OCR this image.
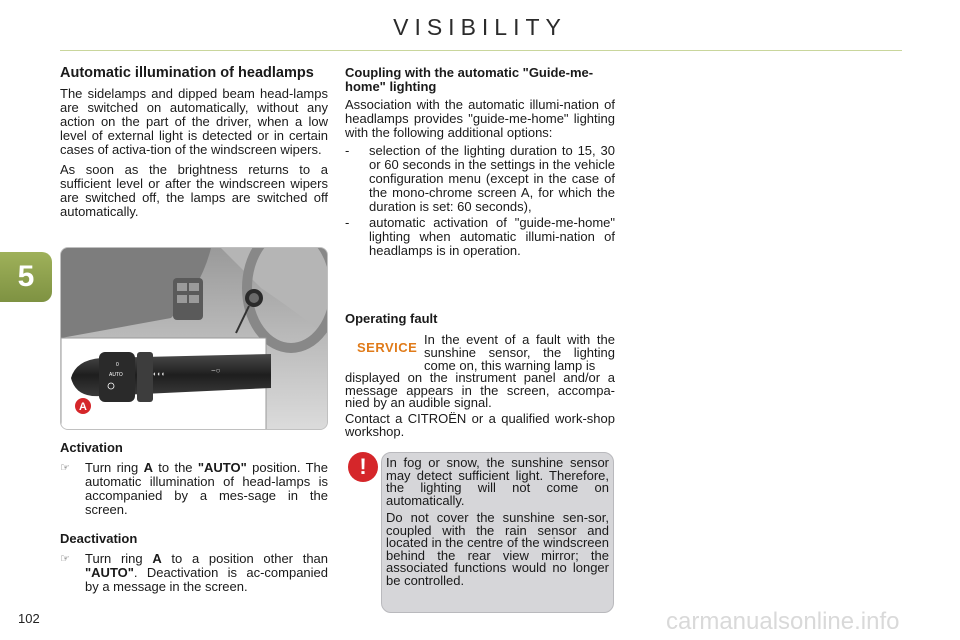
VISIBILITY
5
Automatic illumination of headlamps
The sidelamps and dipped beam head-lamps are switched on automatically, without any action on the part of the driver, when a low level of external light is detected or in certain cases of activa-tion of the windscreen wipers.
As soon as the brightness returns to a sufficient level or after the windscreen wipers are switched off, the lamps are switched off automatically.
0
AUTO	◐◐◐	−○
A
Activation
☞	Turn ring A to the "AUTO" position. The automatic illumination of head-lamps is accompanied by a mes-sage in the screen.
Deactivation
☞	Turn ring A to a position other than "AUTO". Deactivation is ac-companied by a message in the screen.
Coupling with the automatic "Guide-me-home" lighting
Association with the automatic illumi-nation of headlamps provides "guide-me-home" lighting with the following additional options:
-	selection of the lighting duration to 15, 30 or 60 seconds in the settings in the vehicle configuration menu (except in the case of the mono-chrome screen A, for which the duration is set: 60 seconds),
-	automatic activation of "guide-me-home" lighting when automatic illumi-nation of headlamps is in operation.
Operating fault
SERVICE
In the event of a fault with the sunshine sensor, the lighting come on, this warning lamp is
displayed on the instrument panel and/or a message appears in the screen, accompa-nied by an audible signal.
Contact a CITROËN or a qualified work-shop workshop.
!	In fog or snow, the sunshine sensor may detect sufficient light. Therefore, the lighting will not come on automatically.
Do not cover the sunshine sen-sor, coupled with the rain sensor and located in the centre of the windscreen behind the rear view mirror; the associated functions would no longer be controlled.
102	carmanualsonline.info
